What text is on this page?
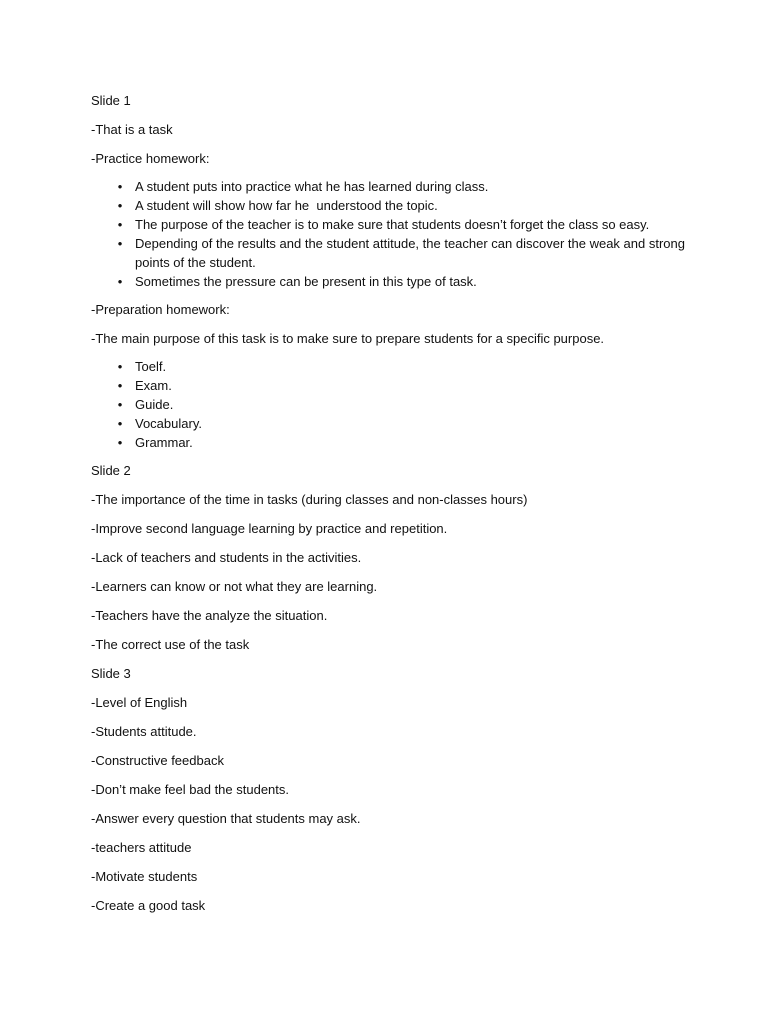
Slide 1

-That is a task

-Practice homework:

• A student puts into practice what he has learned during class.
• A student will show how far he  understood the topic.
• The purpose of the teacher is to make sure that students doesn’t forget the class so easy.
• Depending of the results and the student attitude, the teacher can discover the weak and strong points of the student.
• Sometimes the pressure can be present in this type of task.

-Preparation homework:

-The main purpose of this task is to make sure to prepare students for a specific purpose.

• Toelf.
• Exam.
• Guide.
• Vocabulary.
• Grammar.

Slide 2

-The importance of the time in tasks (during classes and non-classes hours)

-Improve second language learning by practice and repetition.

-Lack of teachers and students in the activities.

-Learners can know or not what they are learning.

-Teachers have the analyze the situation.

-The correct use of the task

Slide 3

-Level of English

-Students attitude.

-Constructive feedback

-Don’t make feel bad the students.

-Answer every question that students may ask.

-teachers attitude

-Motivate students

-Create a good task
